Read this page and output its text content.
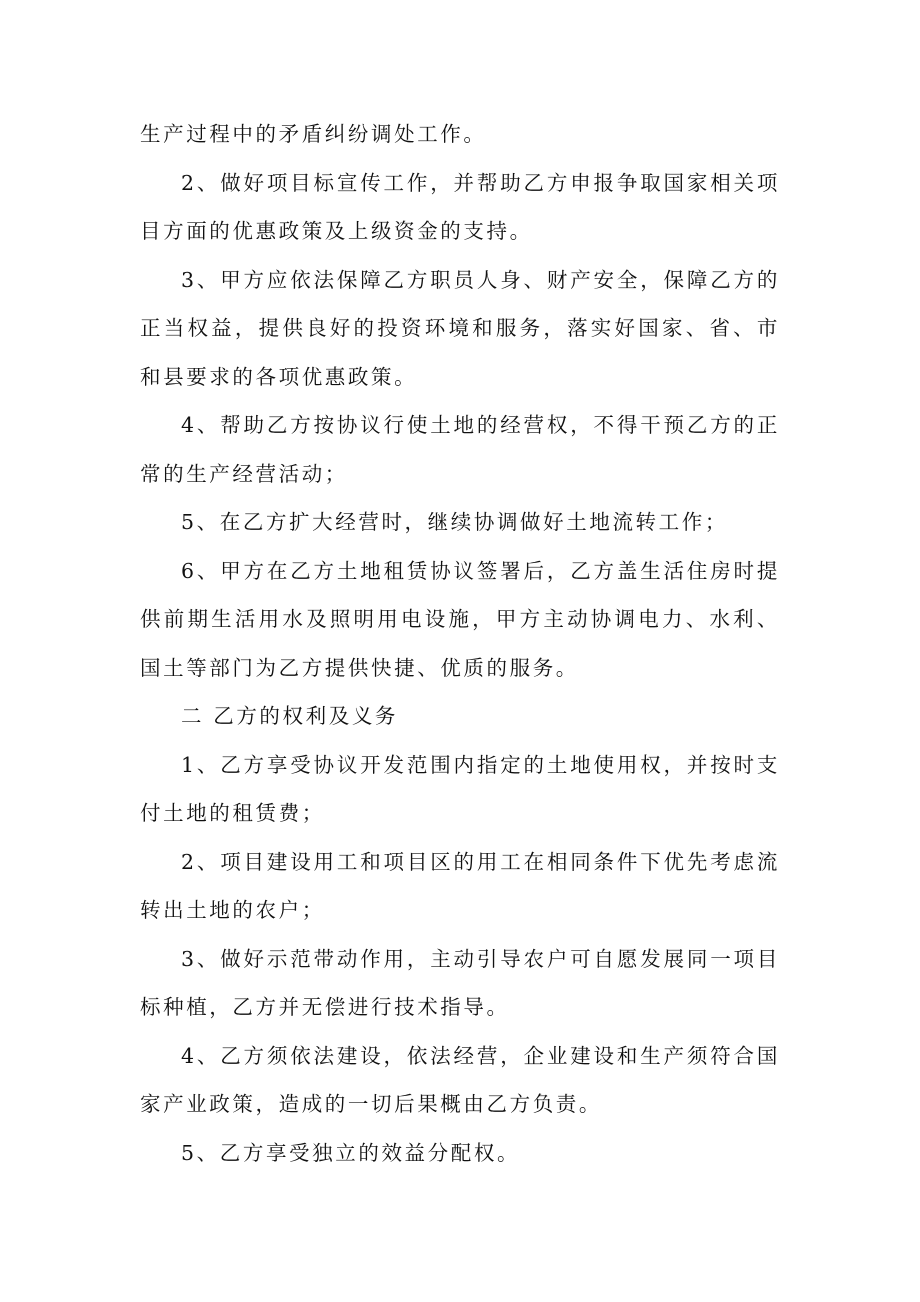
生产过程中的矛盾纠纷调处工作。

2、做好项目标宣传工作，并帮助乙方申报争取国家相关项目方面的优惠政策及上级资金的支持。

3、甲方应依法保障乙方职员人身、财产安全，保障乙方的正当权益，提供良好的投资环境和服务，落实好国家、省、市和县要求的各项优惠政策。

4、帮助乙方按协议行使土地的经营权，不得干预乙方的正常的生产经营活动；

5、在乙方扩大经营时，继续协调做好土地流转工作；

6、甲方在乙方土地租赁协议签署后，乙方盖生活住房时提供前期生活用水及照明用电设施，甲方主动协调电力、水利、国土等部门为乙方提供快捷、优质的服务。

二 乙方的权利及义务

1、乙方享受协议开发范围内指定的土地使用权，并按时支付土地的租赁费；

2、项目建设用工和项目区的用工在相同条件下优先考虑流转出土地的农户；

3、做好示范带动作用，主动引导农户可自愿发展同一项目标种植，乙方并无偿进行技术指导。

4、乙方须依法建设，依法经营，企业建设和生产须符合国家产业政策，造成的一切后果概由乙方负责。

5、乙方享受独立的效益分配权。
